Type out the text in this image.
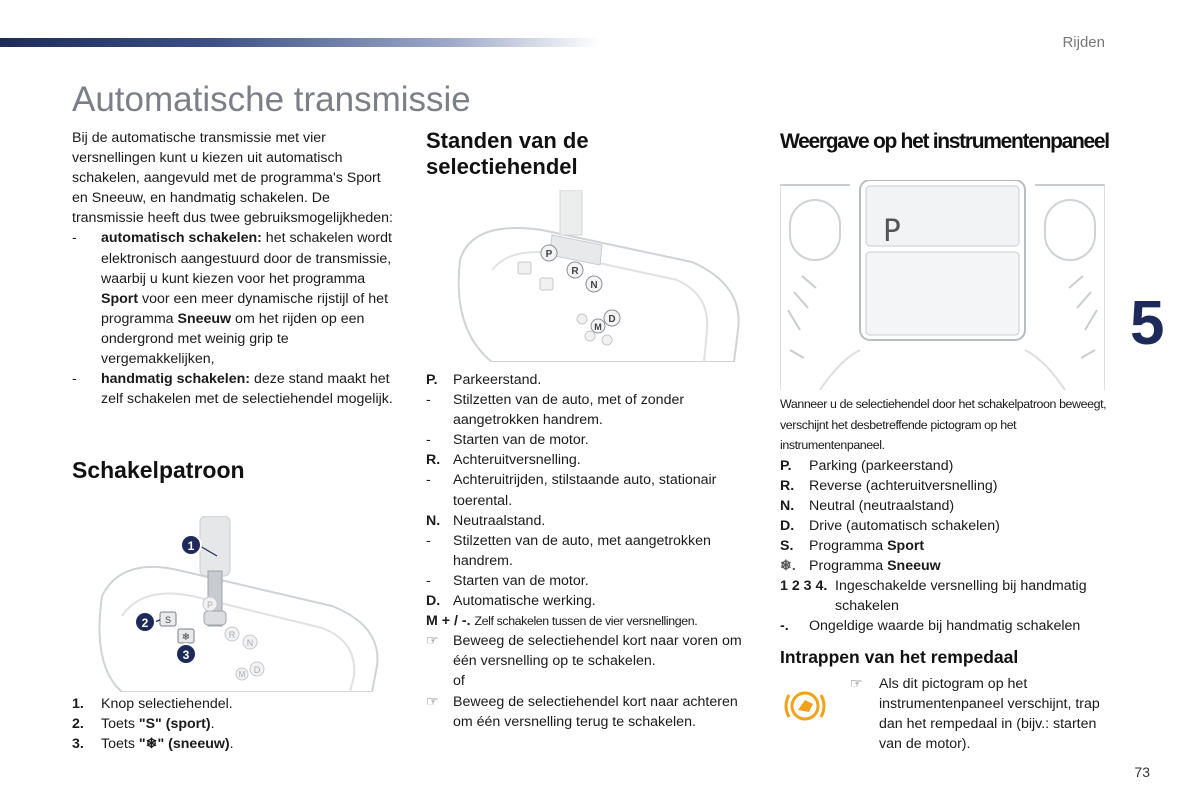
Rijden
Automatische transmissie

Bij de automatische transmissie met vier versnellingen kunt u kiezen uit automatisch schakelen, aangevuld met de programma's Sport en Sneeuw, en handmatig schakelen. De transmissie heeft dus twee gebruiksmogelijkheden:

- automatisch schakelen: het schakelen wordt elektronisch aangestuurd door de transmissie, waarbij u kunt kiezen voor het programma Sport voor een meer dynamische rijstijl of het programma Sneeuw om het rijden op een ondergrond met weinig grip te vergemakkelijken,
- handmatig schakelen: deze stand maakt het zelf schakelen met de selectiehendel mogelijk.
Schakelpatroon
P
R
N
D
M
S
❄
1
2
3
1. Knop selectiehendel.
2. Toets "S" (sport).
3. Toets "❄" (sneeuw).
Standen van de selectiehendel
P
R
N
D
M
P. Parkeerstand.
- Stilzetten van de auto, met of zonder aangetrokken handrem.
- Starten van de motor.
R. Achteruitversnelling.
- Achteruitrijden, stilstaande auto, stationair toerental.
N. Neutraalstand.
- Stilzetten van de auto, met aangetrokken handrem.
- Starten van de motor.
D. Automatische werking.
M + / -. Zelf schakelen tussen de vier versnellingen.
☞ Beweeg de selectiehendel kort naar voren om één versnelling op te schakelen.
of
☞ Beweeg de selectiehendel kort naar achteren om één versnelling terug te schakelen.
Weergave op het instrumentenpaneel
P
5

Wanneer u de selectiehendel door het schakelpatroon beweegt, verschijnt het desbetreffende pictogram op het instrumentenpaneel.

P. Parking (parkeerstand)
R. Reverse (achteruitversnelling)
N. Neutral (neutraalstand)
D. Drive (automatisch schakelen)
S. Programma Sport
❄. Programma Sneeuw
1 2 3 4. Ingeschakelde versnelling bij handmatig schakelen
-. Ongeldige waarde bij handmatig schakelen
Intrappen van het rempedaal
☞ Als dit pictogram op het instrumentenpaneel verschijnt, trap dan het rempedaal in (bijv.: starten van de motor).
73
